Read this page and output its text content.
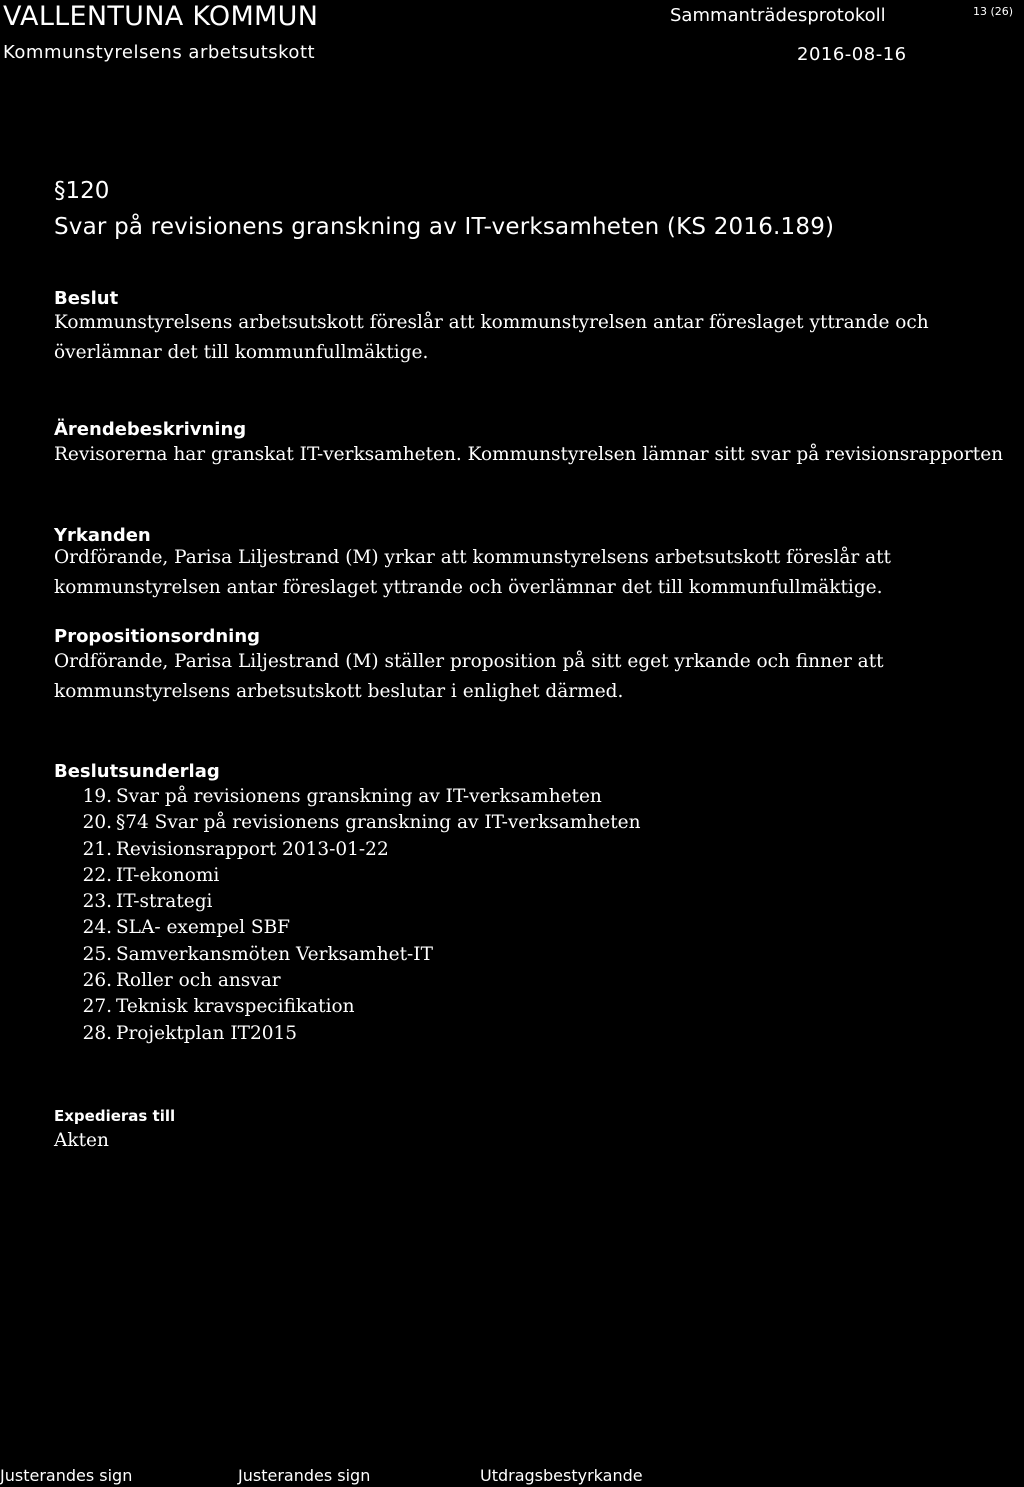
VALLENTUNA KOMMUN
Kommunstyrelsens arbetsutskott
Sammanträdesprotokoll
2016-08-16
13 (26)
§120
Svar på revisionens granskning av IT-verksamheten (KS 2016.189)
Beslut

Kommunstyrelsens arbetsutskott föreslår att kommunstyrelsen antar föreslaget yttrande och

överlämnar det till kommunfullmäktige.

Ärendebeskrivning

Revisorerna har granskat IT-verksamheten. Kommunstyrelsen lämnar sitt svar på revisionsrapporten

Yrkanden

Ordförande, Parisa Liljestrand (M) yrkar att kommunstyrelsens arbetsutskott föreslår att

kommunstyrelsen antar föreslaget yttrande och överlämnar det till kommunfullmäktige.

Propositionsordning

Ordförande, Parisa Liljestrand (M) ställer proposition på sitt eget yrkande och finner att

kommunstyrelsens arbetsutskott beslutar i enlighet därmed.

Beslutsunderlag
19. Svar på revisionens granskning av IT-verksamheten
20. §74 Svar på revisionens granskning av IT-verksamheten
21. Revisionsrapport 2013-01-22
22. IT-ekonomi
23. IT-strategi
24. SLA- exempel SBF
25. Samverkansmöten Verksamhet-IT
26. Roller och ansvar
27. Teknisk kravspecifikation
28. Projektplan IT2015
Expedieras till
Akten
Justerandes sign	Justerandes sign	Utdragsbestyrkande
